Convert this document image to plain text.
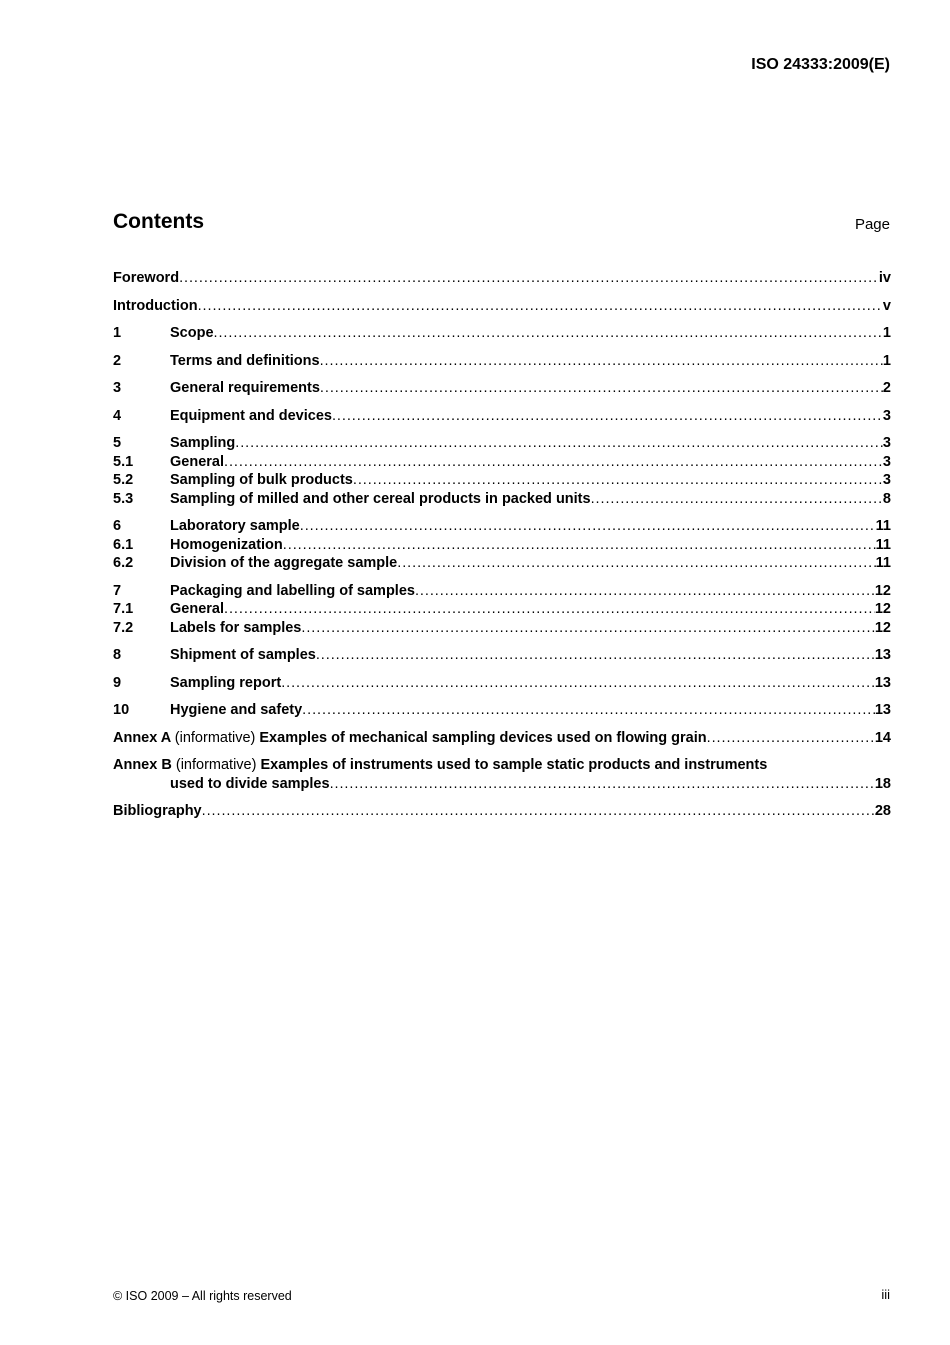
ISO 24333:2009(E)
Contents	Page
Foreword . . .	iv
Introduction . . .	v
1	Scope . . .	1
2	Terms and definitions . . .	1
3	General requirements . . .	2
4	Equipment and devices . . .	3
5	Sampling . . .	3
5.1	General . . .	3
5.2	Sampling of bulk products . . .	3
5.3	Sampling of milled and other cereal products in packed units . . .	8
6	Laboratory sample . . .	11
6.1	Homogenization . . .	11
6.2	Division of the aggregate sample . . .	11
7	Packaging and labelling of samples . . .	12
7.1	General . . .	12
7.2	Labels for samples . . .	12
8	Shipment of samples . . .	13
9	Sampling report . . .	13
10	Hygiene and safety . . .	13
Annex A (informative) Examples of mechanical sampling devices used on flowing grain . . .	14
Annex B (informative) Examples of instruments used to sample static products and instruments
used to divide samples . . .	18
Bibliography . . .	28
© ISO 2009 – All rights reserved	iii
